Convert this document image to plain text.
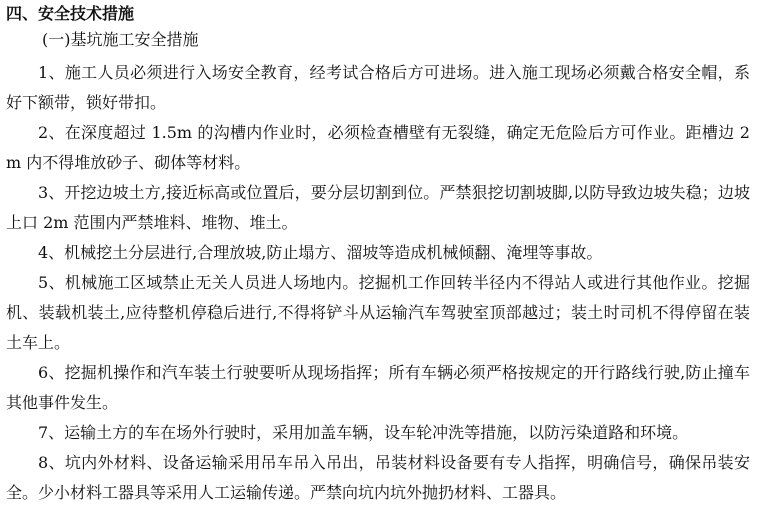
四、安全技术措施

(一)基坑施工安全措施

1、施工人员必须进行入场安全教育，经考试合格后方可进场。进入施工现场必须戴合格安全帽，系好下额带，锁好带扣。

2、在深度超过 1.5m 的沟槽内作业时，必须检查槽壁有无裂缝，确定无危险后方可作业。距槽边 2m 内不得堆放砂子、砌体等材料。

3、开挖边坡土方,接近标高或位置后，要分层切割到位。严禁狠挖切割坡脚,以防导致边坡失稳；边坡上口 2m 范围内严禁堆料、堆物、堆土。

4、机械挖土分层进行,合理放坡,防止塌方、溜坡等造成机械倾翻、淹埋等事故。

5、机械施工区域禁止无关人员进人场地内。挖掘机工作回转半径内不得站人或进行其他作业。挖掘机、装载机装土,应待整机停稳后进行,不得将铲斗从运输汽车驾驶室顶部越过；装土时司机不得停留在装土车上。

6、挖掘机操作和汽车装土行驶要听从现场指挥；所有车辆必须严格按规定的开行路线行驶,防止撞车其他事件发生。

7、运输土方的车在场外行驶时，采用加盖车辆，设车轮冲洗等措施，以防污染道路和环境。

8、坑内外材料、设备运输采用吊车吊入吊出，吊装材料设备要有专人指挥，明确信号，确保吊装安全。少小材料工器具等采用人工运输传递。严禁向坑内坑外抛扔材料、工器具。
